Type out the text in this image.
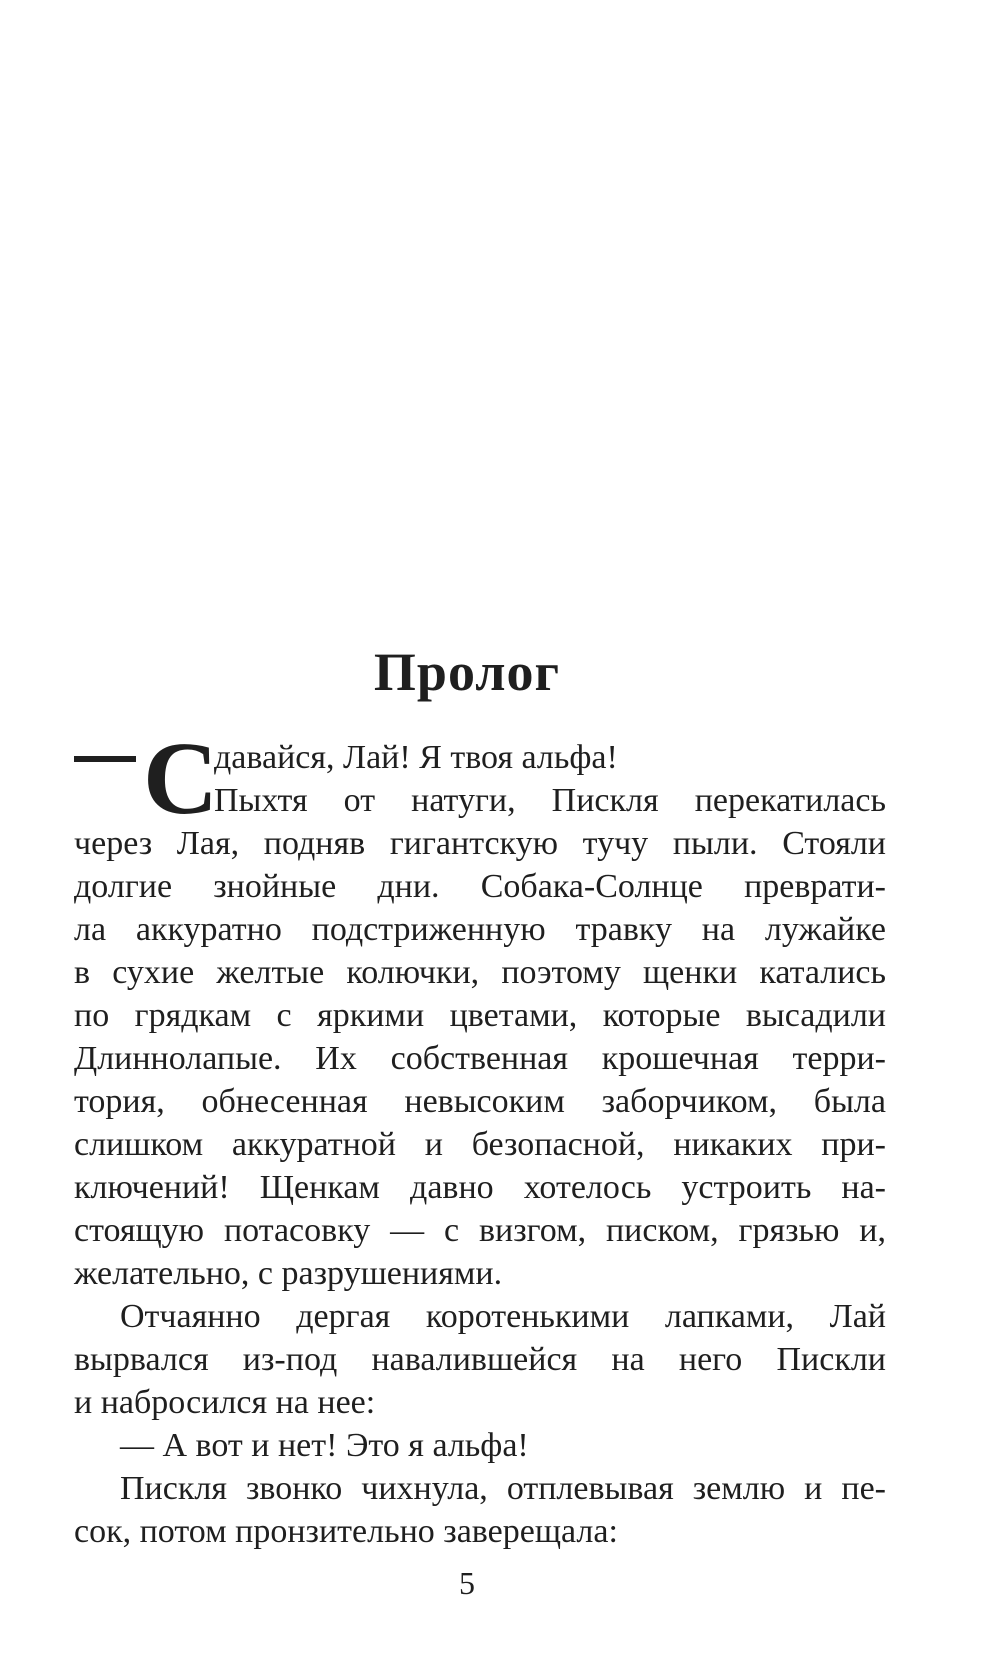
Пролог
С
давайся, Лай! Я твоя альфа!
Пыхтя от натуги, Пискля перекатилась
через Лая, подняв гигантскую тучу пыли. Стояли
долгие знойные дни. Собака-Солнце преврати-
ла аккуратно подстриженную травку на лужайке
в сухие желтые колючки, поэтому щенки катались
по грядкам с яркими цветами, которые высадили
Длиннолапые. Их собственная крошечная терри-
тория, обнесенная невысоким заборчиком, была
слишком аккуратной и безопасной, никаких при-
ключений! Щенкам давно хотелось устроить на-
стоящую потасовку — с визгом, писком, грязью и,
желательно, с разрушениями.
Отчаянно дергая коротенькими лапками, Лай
вырвался из-под навалившейся на него Пискли
и набросился на нее:
— А вот и нет! Это я альфа!
Пискля звонко чихнула, отплевывая землю и пе-
сок, потом пронзительно заверещала:
5
